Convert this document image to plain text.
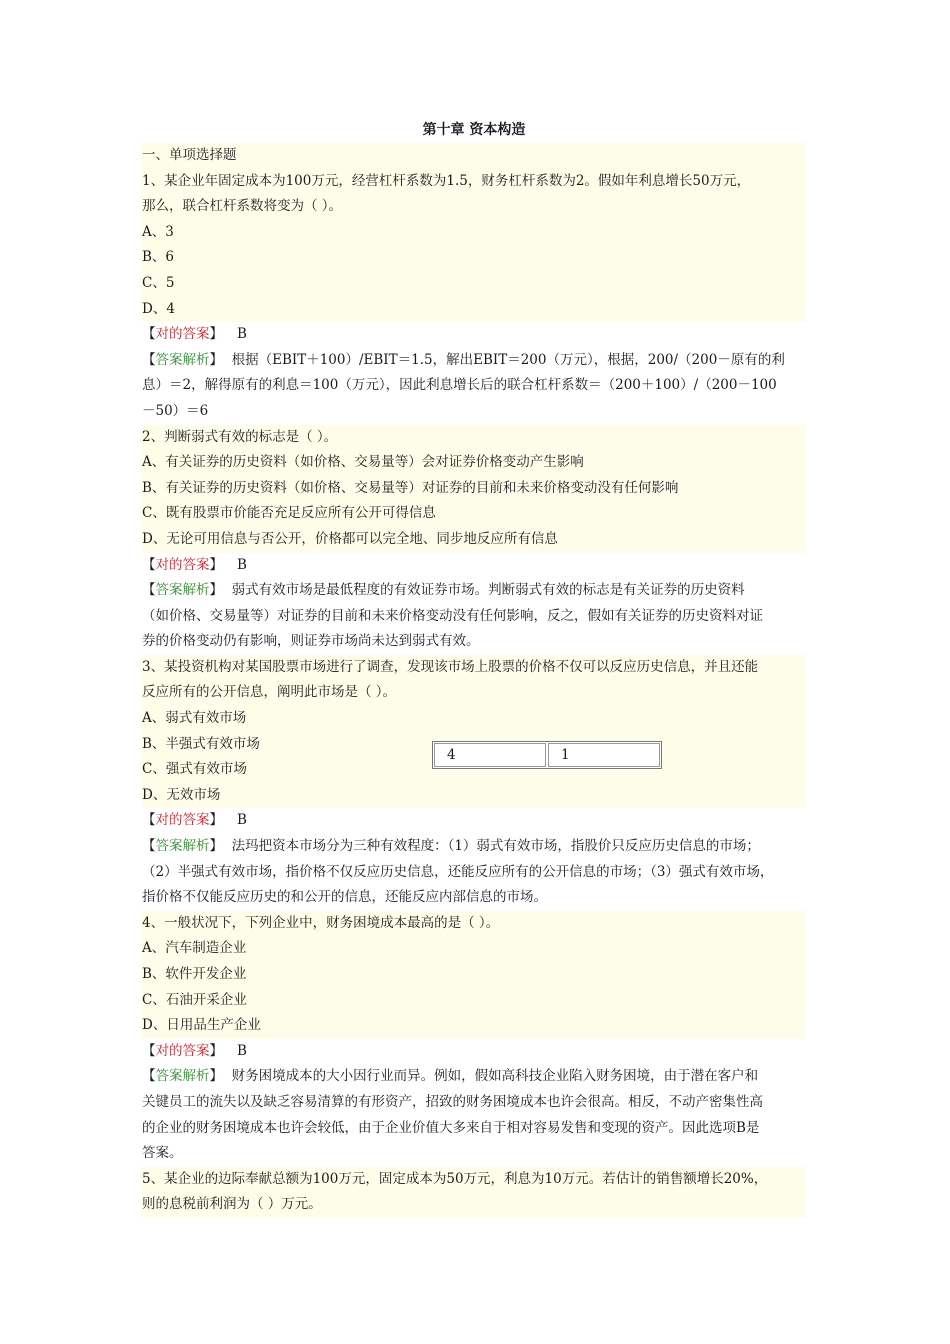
第十章 资本构造
一、单项选择题
1、某企业年固定成本为100万元，经营杠杆系数为1.5，财务杠杆系数为2。假如年利息增长50万元，
那么，联合杠杆系数将变为（ ）。
A、3
B、6
C、5
D、4
【对的答案】 B
【答案解析】 根据（EBIT＋100）/EBIT＝1.5，解出EBIT＝200（万元），根据，200/（200－原有的利
息）＝2，解得原有的利息＝100（万元），因此利息增长后的联合杠杆系数＝（200＋100）/（200－100
－50）＝6
2、判断弱式有效的标志是（ ）。
A、有关证券的历史资料（如价格、交易量等）会对证券价格变动产生影响
B、有关证券的历史资料（如价格、交易量等）对证券的目前和未来价格变动没有任何影响
C、既有股票市价能否充足反应所有公开可得信息
D、无论可用信息与否公开，价格都可以完全地、同步地反应所有信息
【对的答案】 B
【答案解析】 弱式有效市场是最低程度的有效证券市场。判断弱式有效的标志是有关证券的历史资料
（如价格、交易量等）对证券的目前和未来价格变动没有任何影响，反之，假如有关证券的历史资料对证
券的价格变动仍有影响，则证券市场尚未达到弱式有效。
3、某投资机构对某国股票市场进行了调查，发现该市场上股票的价格不仅可以反应历史信息，并且还能
反应所有的公开信息，阐明此市场是（ ）。
A、弱式有效市场
B、半强式有效市场
C、强式有效市场
D、无效市场
【对的答案】 B
【答案解析】 法玛把资本市场分为三种有效程度：（1）弱式有效市场，指股价只反应历史信息的市场；
（2）半强式有效市场，指价格不仅反应历史信息，还能反应所有的公开信息的市场；（3）强式有效市场，
指价格不仅能反应历史的和公开的信息，还能反应内部信息的市场。
4、一般状况下，下列企业中，财务困境成本最高的是（ ）。
A、汽车制造企业
B、软件开发企业
C、石油开采企业
D、日用品生产企业
【对的答案】 B
【答案解析】 财务困境成本的大小因行业而异。例如，假如高科技企业陷入财务困境，由于潜在客户和
关键员工的流失以及缺乏容易清算的有形资产，招致的财务困境成本也许会很高。相反，不动产密集性高
的企业的财务困境成本也许会较低，由于企业价值大多来自于相对容易发售和变现的资产。因此选项B是
答案。
5、某企业的边际奉献总额为100万元，固定成本为50万元，利息为10万元。若估计的销售额增长20%，
则的息税前利润为（ ）万元。
4	1
